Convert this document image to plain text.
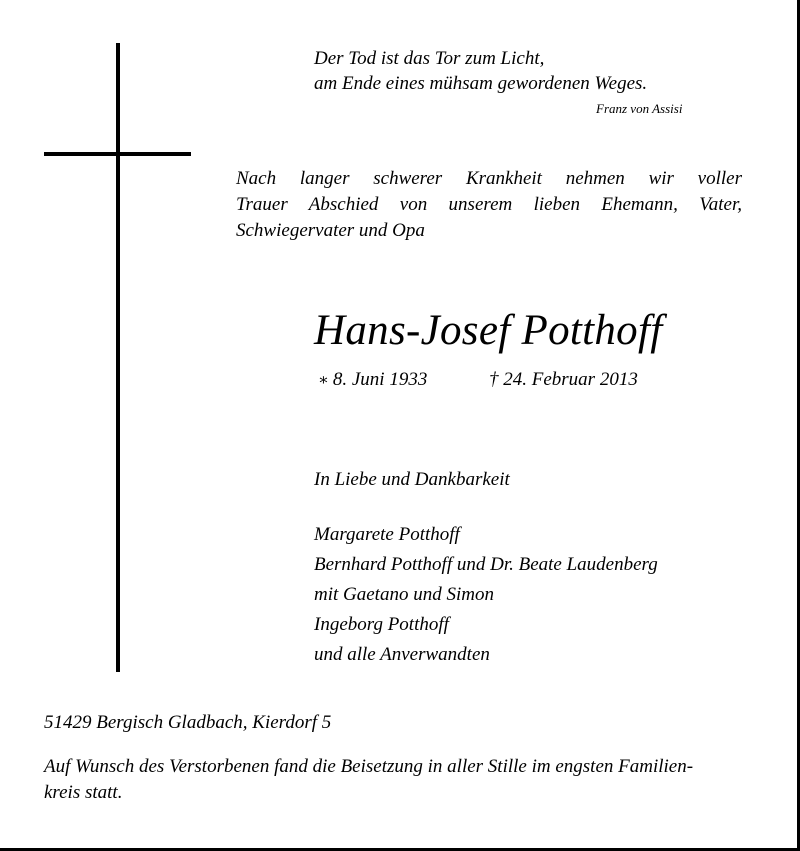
Der Tod ist das Tor zum Licht,
am Ende eines mühsam gewordenen Weges.
Franz von Assisi
Nach langer schwerer Krankheit nehmen wir voller
Trauer Abschied von unserem lieben Ehemann, Vater,
Schwiegervater und Opa
Hans-Josef Potthoff
∗ 8. Juni 1933	† 24. Februar 2013
In Liebe und Dankbarkeit
Margarete Potthoff
Bernhard Potthoff und Dr. Beate Laudenberg
mit Gaetano und Simon
Ingeborg Potthoff
und alle Anverwandten
51429 Bergisch Gladbach, Kierdorf 5
Auf Wunsch des Verstorbenen fand die Beisetzung in aller Stille im engsten Familien-
kreis statt.
